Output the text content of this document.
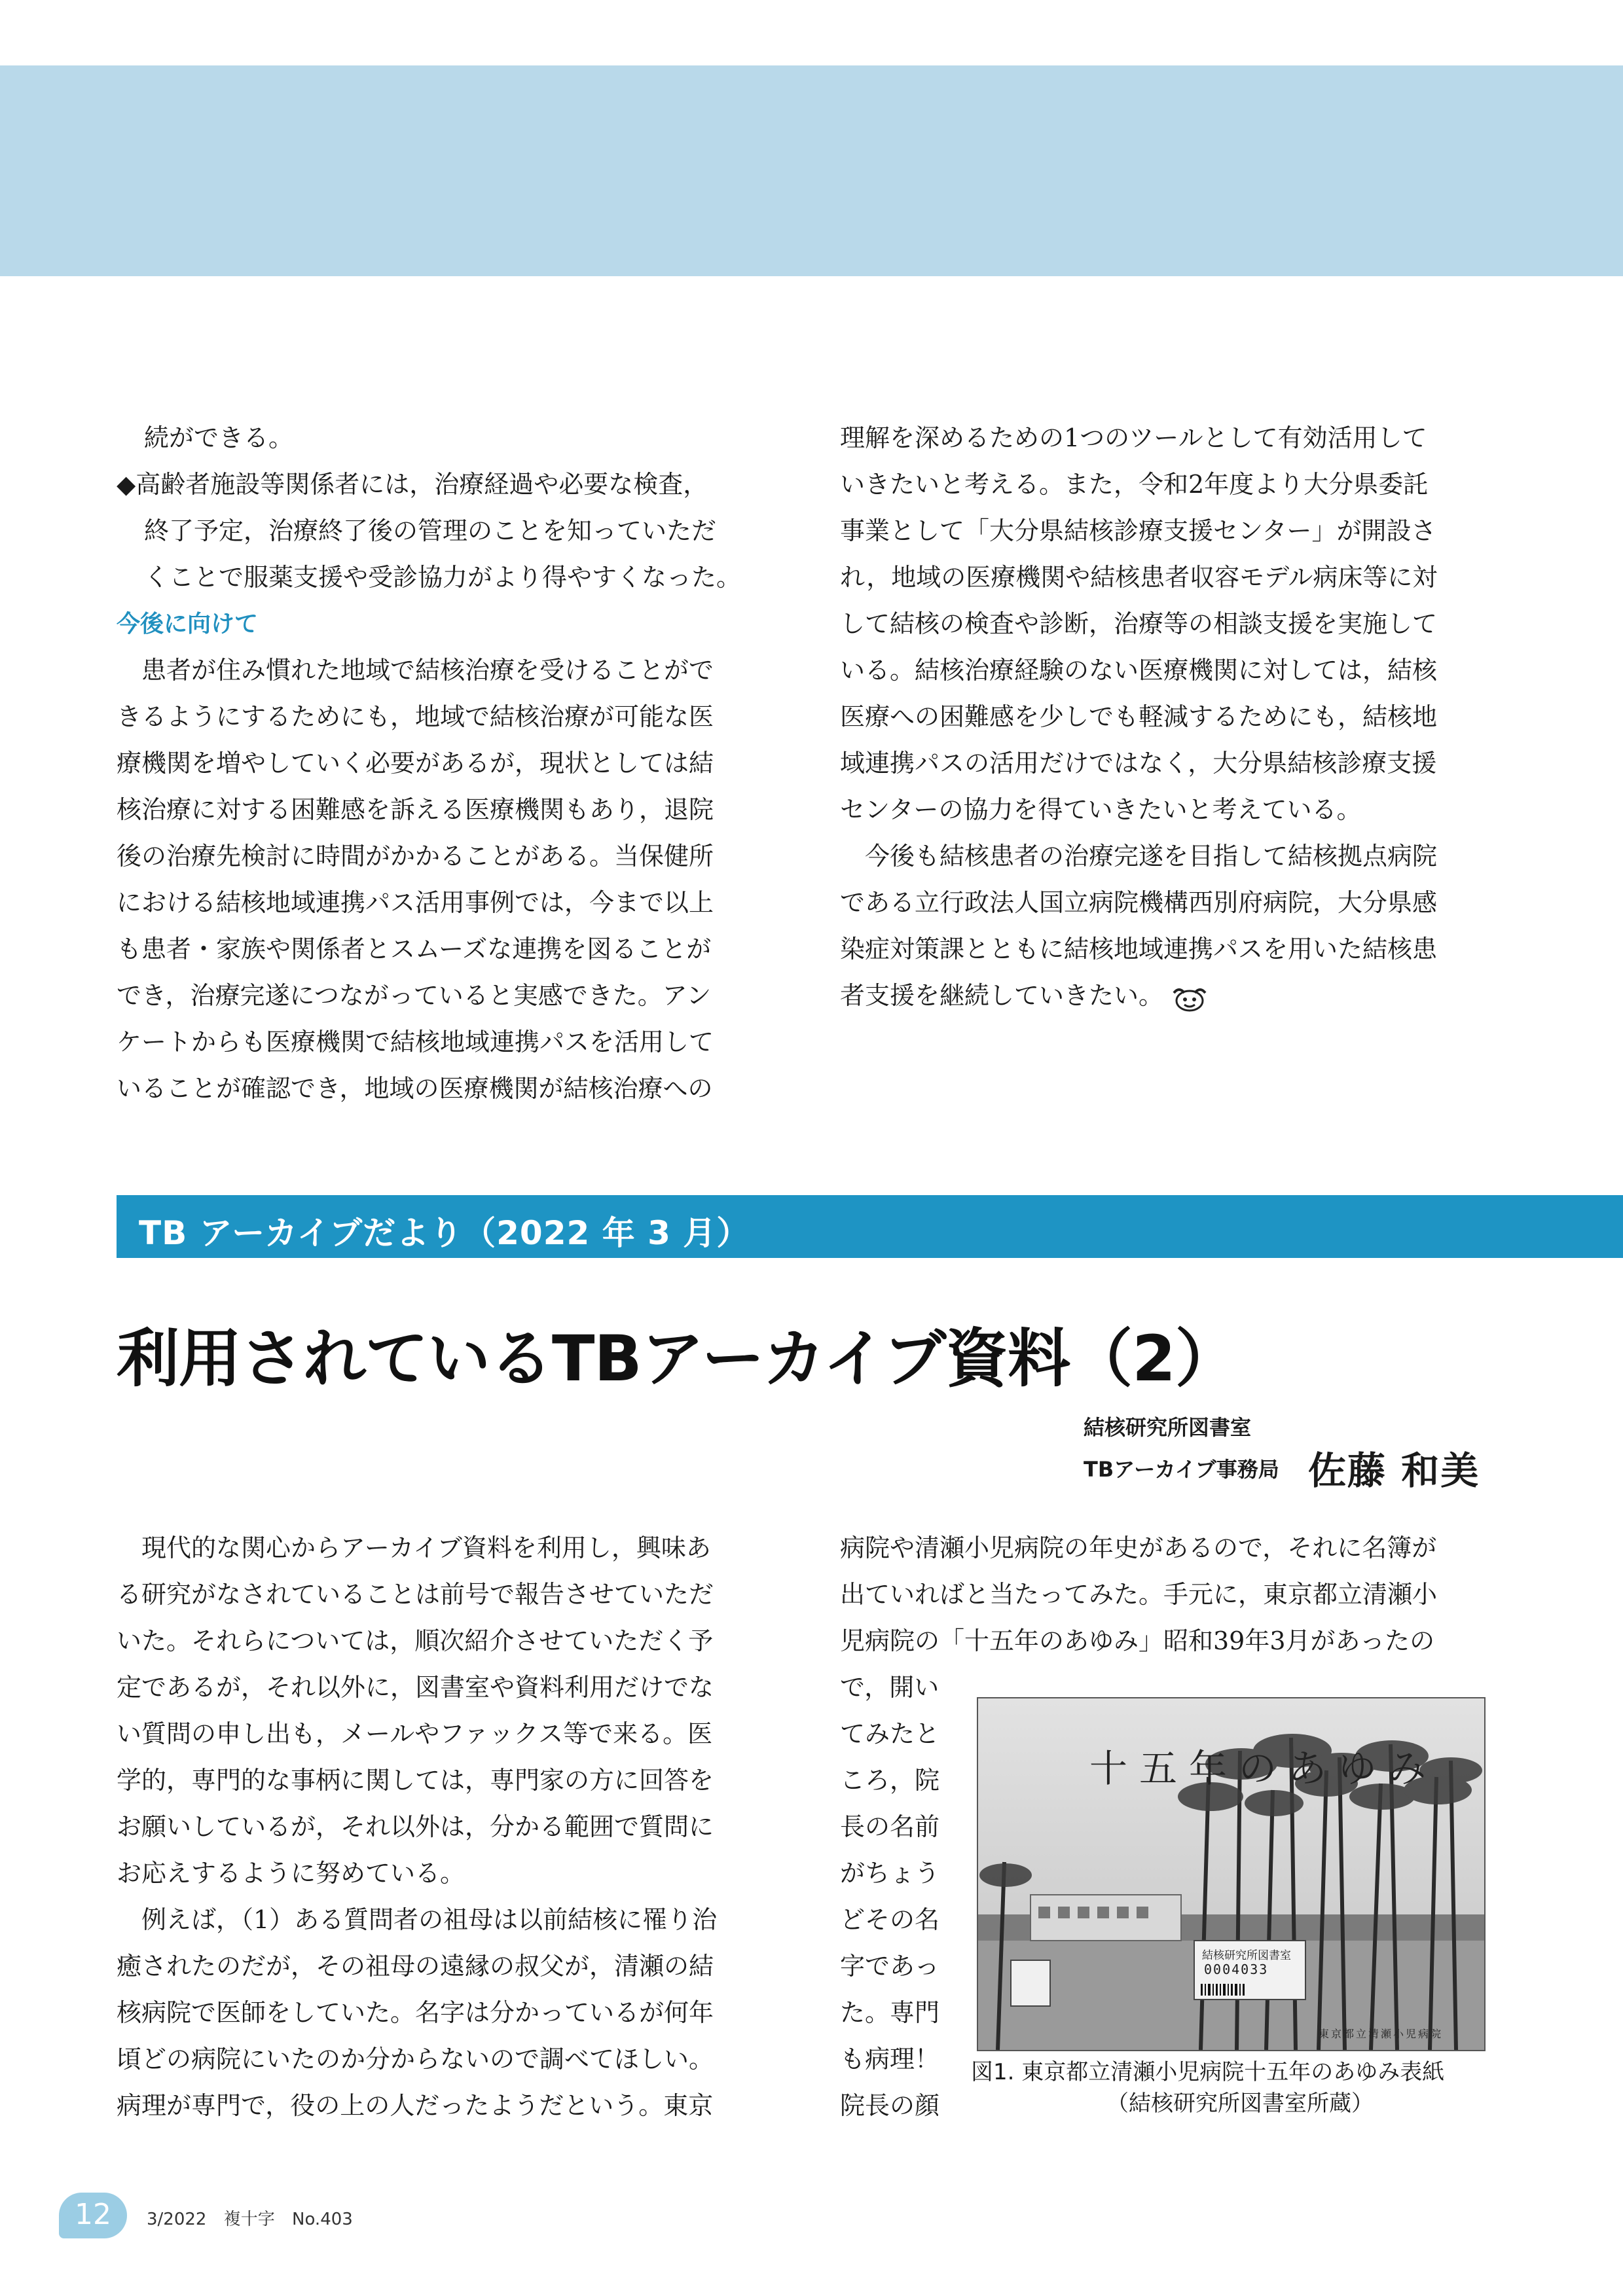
続ができる。

◆高齢者施設等関係者には，治療経過や必要な検査，

終了予定，治療終了後の管理のことを知っていただ

くことで服薬支援や受診協力がより得やすくなった。

今後に向けて

　患者が住み慣れた地域で結核治療を受けることがで

きるようにするためにも，地域で結核治療が可能な医

療機関を増やしていく必要があるが，現状としては結

核治療に対する困難感を訴える医療機関もあり，退院

後の治療先検討に時間がかかることがある。当保健所

における結核地域連携パス活用事例では，今まで以上

も患者・家族や関係者とスムーズな連携を図ることが

でき，治療完遂につながっていると実感できた。アン

ケートからも医療機関で結核地域連携パスを活用して

いることが確認でき，地域の医療機関が結核治療への

理解を深めるための1つのツールとして有効活用して

いきたいと考える。また，令和2年度より大分県委託

事業として「大分県結核診療支援センター」が開設さ

れ，地域の医療機関や結核患者収容モデル病床等に対

して結核の検査や診断，治療等の相談支援を実施して

いる。結核治療経験のない医療機関に対しては，結核

医療への困難感を少しでも軽減するためにも，結核地

域連携パスの活用だけではなく，大分県結核診療支援

センターの協力を得ていきたいと考えている。

　今後も結核患者の治療完遂を目指して結核拠点病院

である立行政法人国立病院機構西別府病院，大分県感

染症対策課とともに結核地域連携パスを用いた結核患

者支援を継続していきたい。

TB アーカイブだより（2022 年 3 月）
利用されているTBアーカイブ資料（2）
結核研究所図書室
TBアーカイブ事務局 佐藤 和美

　現代的な関心からアーカイブ資料を利用し，興味あ

る研究がなされていることは前号で報告させていただ

いた。それらについては，順次紹介させていただく予

定であるが，それ以外に，図書室や資料利用だけでな

い質問の申し出も，メールやファックス等で来る。医

学的，専門的な事柄に関しては，専門家の方に回答を

お願いしているが，それ以外は，分かる範囲で質問に

お応えするように努めている。

　例えば，（1）ある質問者の祖母は以前結核に罹り治

癒されたのだが，その祖母の遠縁の叔父が，清瀬の結

核病院で医師をしていた。名字は分かっているが何年

頃どの病院にいたのか分からないので調べてほしい。

病理が専門で，役の上の人だったようだという。東京

病院や清瀬小児病院の年史があるので，それに名簿が

出ていればと当たってみた。手元に，東京都立清瀬小

児病院の「十五年のあゆみ」昭和39年3月があったの

で，開い

てみたと

ころ，院

長の名前

がちょう

どその名

字であっ

た。専門

も病理！

院長の顔

十五年のあゆみ
結核研究所図書室
0004033
東京都立清瀬小児病院
図1. 東京都立清瀬小児病院十五年のあゆみ表紙
（結核研究所図書室所蔵）
12	3/2022 複十字 No.403
